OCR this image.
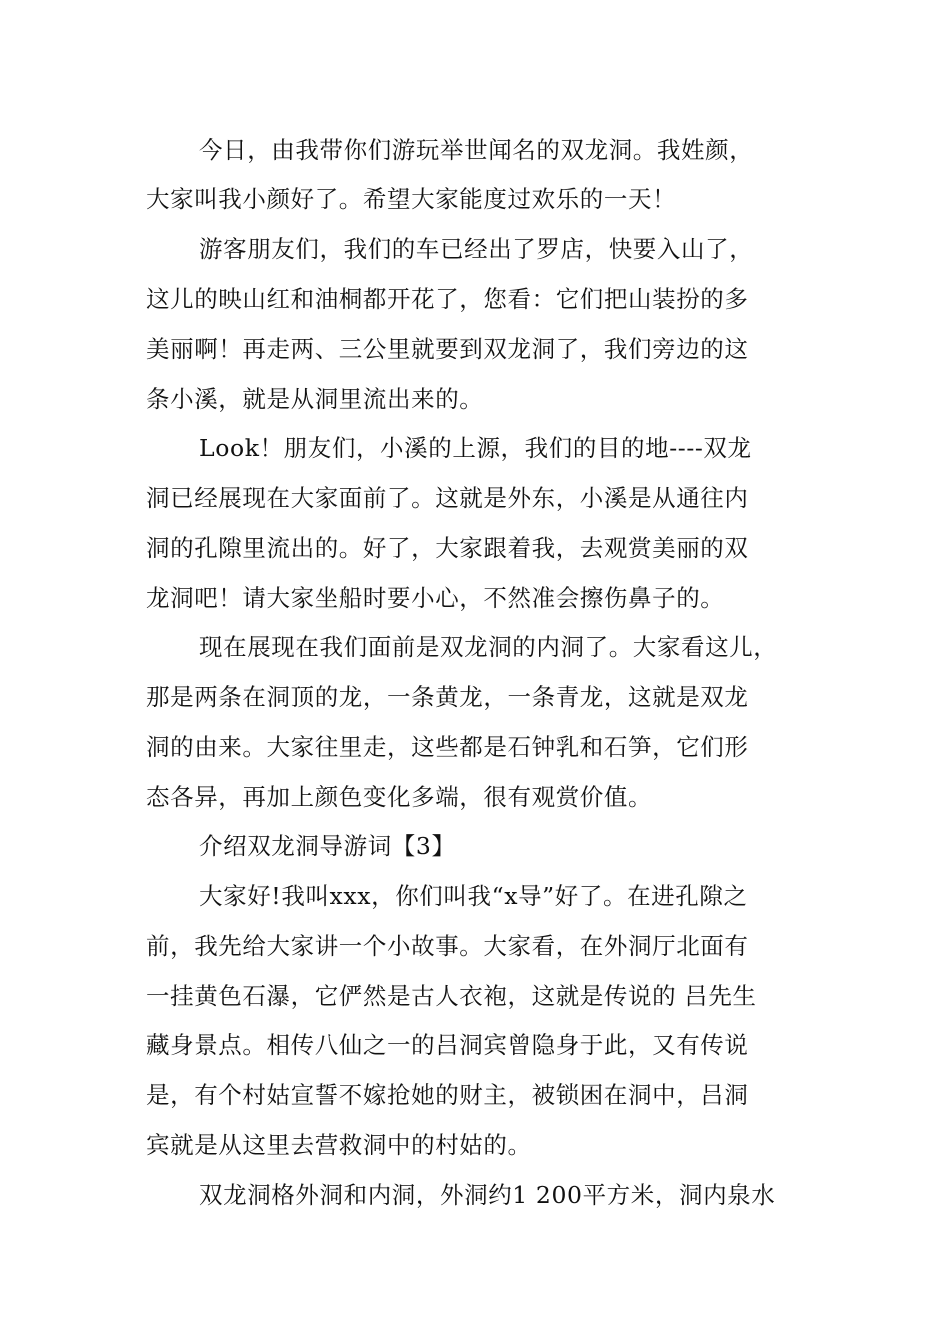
今日，由我带你们游玩举世闻名的双龙洞。我姓颜，
大家叫我小颜好了。希望大家能度过欢乐的一天！
游客朋友们，我们的车已经出了罗店，快要入山了，
这儿的映山红和油桐都开花了，您看：它们把山装扮的多
美丽啊！再走两、三公里就要到双龙洞了，我们旁边的这
条小溪，就是从洞里流出来的。
Look！朋友们，小溪的上源，我们的目的地----双龙
洞已经展现在大家面前了。这就是外东，小溪是从通往内
洞的孔隙里流出的。好了，大家跟着我，去观赏美丽的双
龙洞吧！请大家坐船时要小心，不然准会擦伤鼻子的。
现在展现在我们面前是双龙洞的内洞了。大家看这儿，
那是两条在洞顶的龙，一条黄龙，一条青龙，这就是双龙
洞的由来。大家往里走，这些都是石钟乳和石笋，它们形
态各异，再加上颜色变化多端，很有观赏价值。
介绍双龙洞导游词【3】
大家好!我叫xxx，你们叫我“x导”好了。在进孔隙之
前，我先给大家讲一个小故事。大家看，在外洞厅北面有
一挂黄色石瀑，它俨然是古人衣袍，这就是传说的 吕先生
藏身景点。相传八仙之一的吕洞宾曾隐身于此，又有传说
是，有个村姑宣誓不嫁抢她的财主，被锁困在洞中，吕洞
宾就是从这里去营救洞中的村姑的。
双龙洞格外洞和内洞，外洞约1 200平方米，洞内泉水
